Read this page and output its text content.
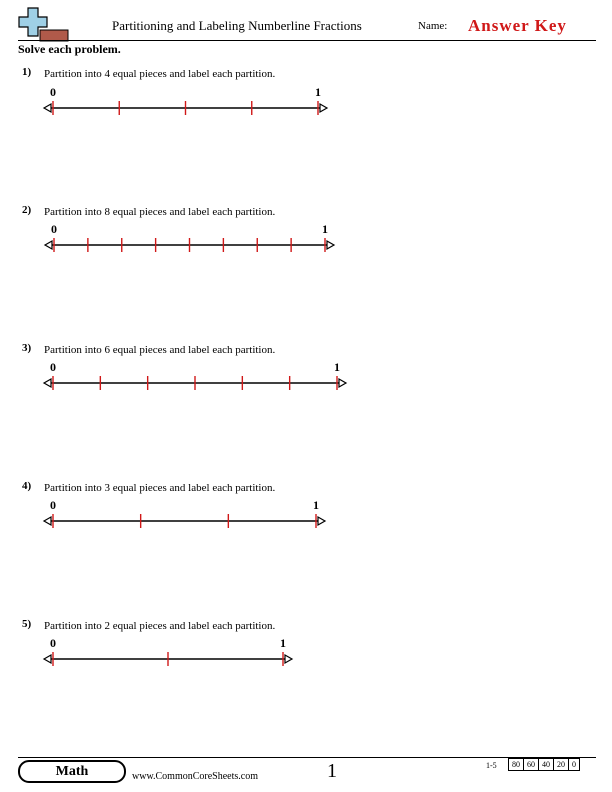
Partitioning and Labeling Numberline Fractions	Name: Answer Key
Solve each problem.
1) Partition into 4 equal pieces and label each partition.
0	1
2) Partition into 8 equal pieces and label each partition.
0	1
3) Partition into 6 equal pieces and label each partition.
0	1
4) Partition into 3 equal pieces and label each partition.
0	1
5) Partition into 2 equal pieces and label each partition.
0	1
Math	www.CommonCoreSheets.com	1	1-5 80	60	40	20	0
